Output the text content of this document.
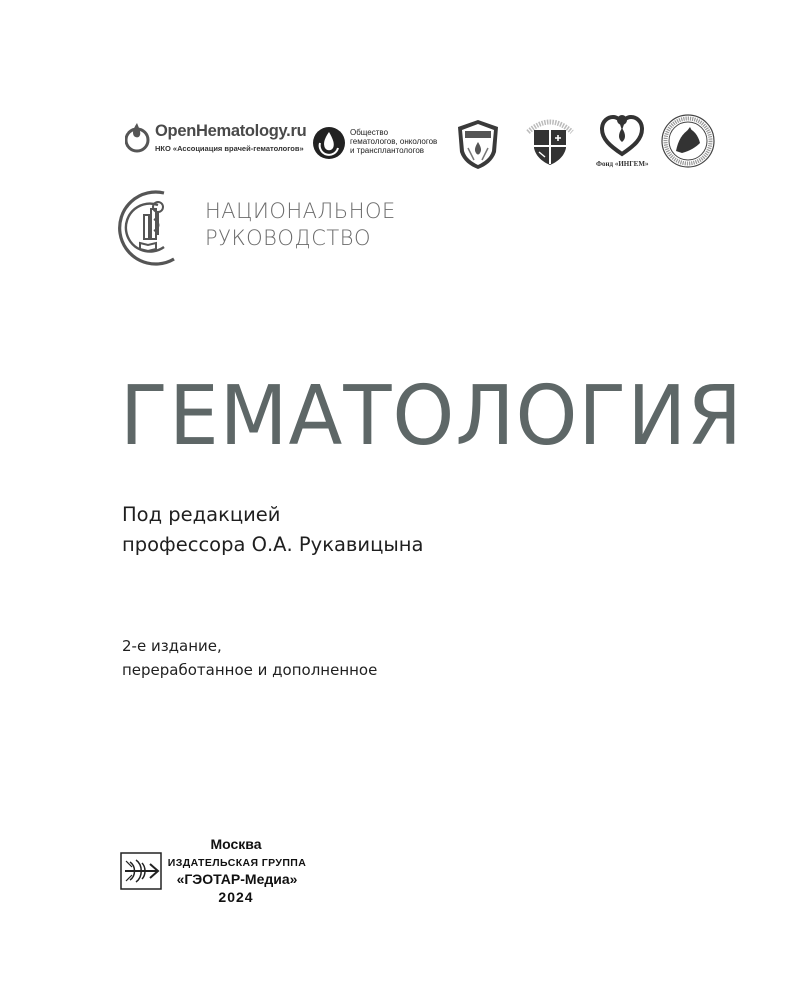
OpenHematology.ru
НКО «Ассоциация врачей-гематологов»
Общество
гематологов, онкологов
и трансплантологов
Фонд «ИНГЕМ»
НАЦИОНАЛЬНОЕ
РУКОВОДСТВО
ГЕМАТОЛОГИЯ
Под редакцией
профессора О.А. Рукавицына
2-е издание,
переработанное и дополненное
Москва
ИЗДАТЕЛЬСКАЯ ГРУППА
«ГЭОТАР-Медиа»
2024
